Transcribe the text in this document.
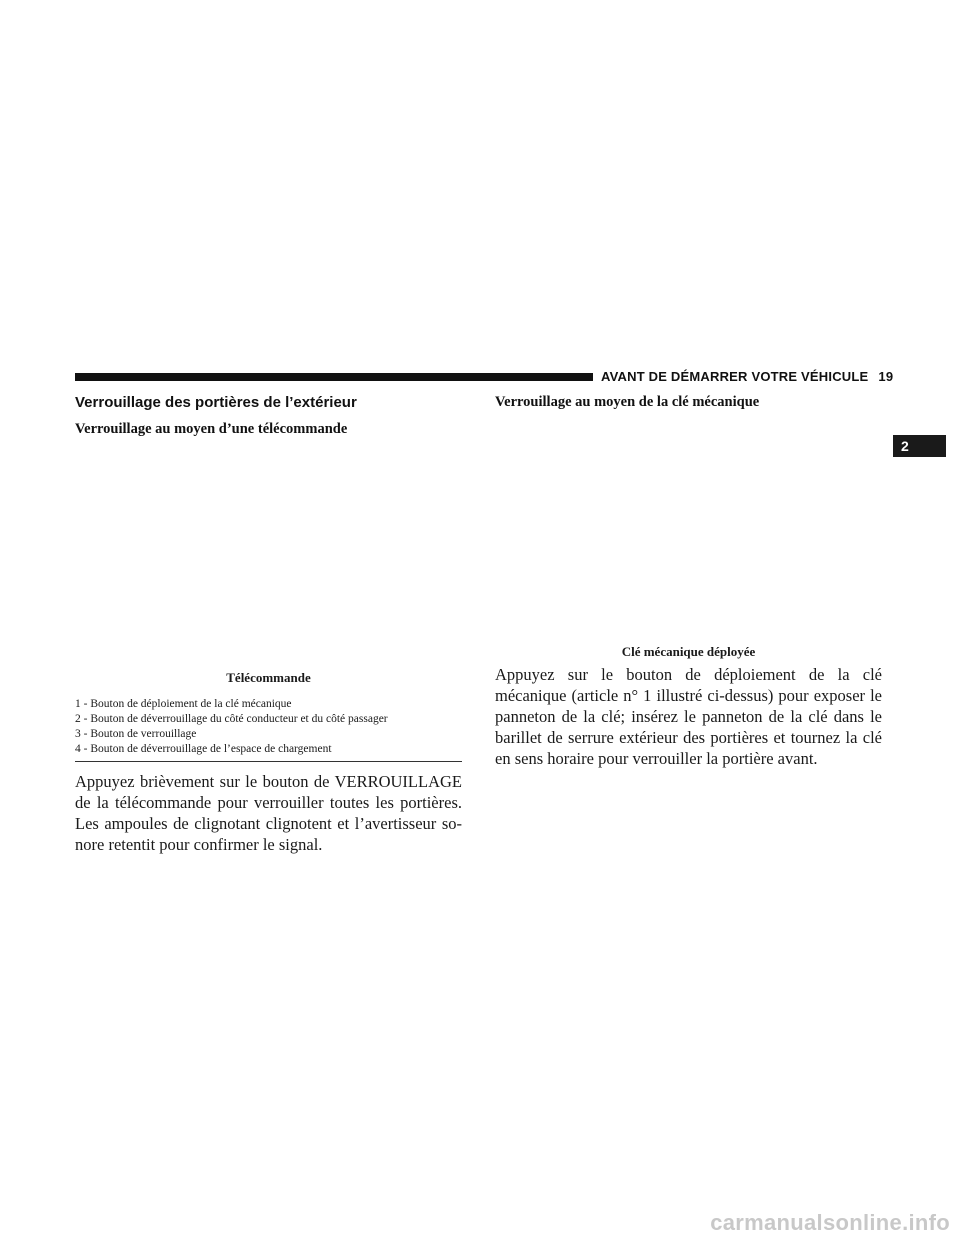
AVANT DE DÉMARRER VOTRE VÉHICULE 19
2
Verrouillage des portières de l’extérieur
Verrouillage au moyen d’une télécommande
Télécommande
1 - Bouton de déploiement de la clé mécanique
2 - Bouton de déverrouillage du côté conducteur et du côté passager
3 - Bouton de verrouillage
4 - Bouton de déverrouillage de l’espace de chargement
Appuyez brièvement sur le bouton de VERROUILLAGE de la télécommande pour verrouiller toutes les portières. Les ampoules de clignotant clignotent et l’avertisseur so-nore retentit pour confirmer le signal.
Verrouillage au moyen de la clé mécanique
Clé mécanique déployée
Appuyez sur le bouton de déploiement de la clé mécanique (article n° 1 illustré ci-dessus) pour exposer le panneton de la clé; insérez le panneton de la clé dans le barillet de serrure extérieur des portières et tournez la clé en sens horaire pour verrouiller la portière avant.
carmanualsonline.info
